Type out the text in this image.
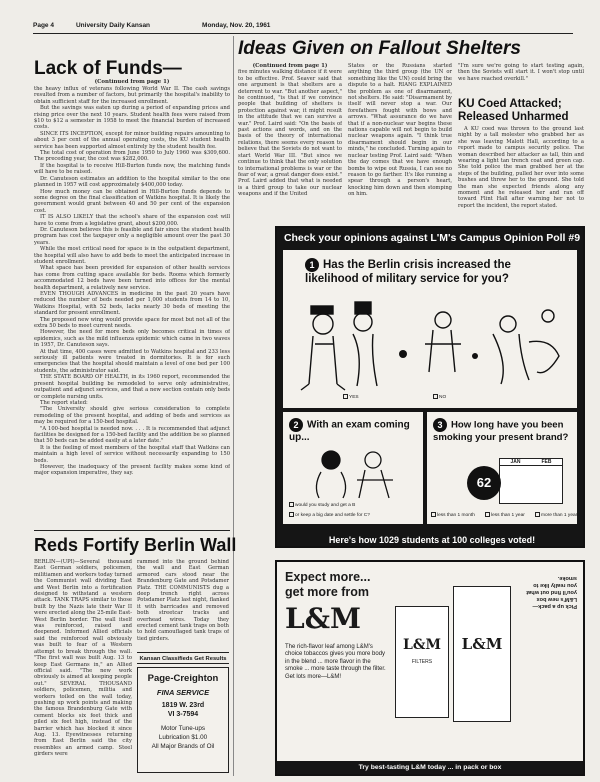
Page 4	University Daily Kansan	Monday, Nov. 20, 1961
Lack of Funds—
(Continued from page 1)

the heavy influx of veterans following World War II. The cash savings resulted from a number of factors, but primarily the hospital's inability to obtain sufficient staff for the increased enrollment.

But the savings was eaten up during a period of expanding prices and rising price over the next 10 years. Student health fees were raised from $10 to $12 a semester in 1958 to meet the financial burden of increased costs.

SINCE ITS INCEPTION, except for minor building repairs amounting to about 3 per cent of the annual operating costs, the KU student health service has been supported almost entirely by the student health fee.

The total cost of operation from June 1950 to July 1960 was $309,600. The preceding year, the cost was $282,000.

If the hospital is to receive Hill-Burton funds now, the matching funds will have to be raised.

Dr. Canuteson estimates an addition to the hospital similar to the one planned in 1957 will cost approximately $400,000 today.

How much money can be obtained in Hill-Burton funds depends to some degree on the final classification of Watkins hospital. It is likely the government would grant between 40 and 50 per cent of the expansion cost.

IT IS ALSO LIKELY that the school's share of the expansion cost will have to come from a legislative grant, about $200,000.

Dr. Canuteson believes this is feasible and fair since the student health program has cost the taxpayer only a negligible amount over the past 30 years.

While the most critical need for space is in the outpatient department, the hospital will also have to add beds to meet the anticipated increase in student enrollment.

What space has been provided for expansion of other health services has come from cutting space available for beds. Rooms which formerly accommodated 12 beds have been turned into offices for the mental health department, a relatively new service.

EVEN THOUGH ADVANCES in medicine in the past 20 years have reduced the number of beds needed per 1,000 students from 14 to 10, Watkins Hospital, with 52 beds, lacks nearly 30 beds of meeting the standard for present enrollment.

The proposed new wing would provide space for most but not all of the extra 50 beds to meet current needs.

However, the need for more beds only becomes critical in times of epidemics, such as the mild influenza epidemic which came in two waves in 1957, Dr. Canuteson says.

At that time, 400 cases were admitted to Watkins hospital and 233 less seriously ill patients were treated in dormitories. It is for such emergencies that the hospital should maintain a level of one bed per 100 students, the administrator said.

THE STATE BOARD OF HEALTH, in its 1960 report, recommended the present hospital building be remodeled to serve only administrative, outpatient and adjunct services, and that a new section contain only beds or complete nursing units.

The report stated:

"The University should give serious consideration to complete remodeling of the present hospital, and adding of beds and services as may be required for a 150-bed hospital.

"A 100-bed hospital is needed now. . . . It is recommended that adjunct facilities be designed for a 150-bed facility and the addition be so planned that 50 beds can be added easily at a later date."

It is the feeling of most members of the hospital staff that Watkins can maintain a high level of service without necessarily expanding to 150 beds.

However, the inadequacy of the present facility makes some kind of major expansion imperative, they say.

Ideas Given on Fallout Shelters
(Continued from page 1)

five minutes walking distance if it were to be effective. Prof. Seaver said that one argument is that shelters are a deterrent to war. "But another aspect," he continued, "is that if we convince people that building of shelters is protection against war, it might result in the attitude that we can survive a war." Prof. Laird said: "On the basis of past actions and words, and on the basis of the theory of international relations, there seems every reason to believe that the Soviets do not want to start World War III. "But since we continue to think that the only solution to international problems is war or the fear of war, a great danger does exist." Prof. Laird added that what is needed is a third group to take our nuclear weapons and if the United

States or the Russians started anything the third group (the UN or something like the UN) could bring the dispute to a halt. RIANG EXPLAINED the problem as one of disarmament, not shelters. He said: "Disarmament by itself will never stop a war. Our forefathers fought with bows and arrows. "What assurance do we have that if a non-nuclear war begins these nations capable will not begin to build nuclear weapons again. "I think true disarmament should begin in our minds," he concluded. Turning again to nuclear testing Prof. Laird said: "When the day comes that we have enough bombs to wipe out Russia, I can see no reason to go farther. It's like running a spear through a person's heart, knocking him down and then stomping on him.

"I'm sure we're going to start testing again, then the Soviets will start it. I won't stop until we have reached overkill."

KU Coed Attacked; Released Unharmed

A KU coed was thrown to the ground last night by a tall molester who grabbed her as she was leaving Malott Hall, according to a report made to campus security police. The woman described her attacker as tall, thin and wearing a light tan trench coat and green cap. She told police the man grabbed her at the steps of the building, pulled her over into some bushes and threw her to the ground. She told the man she expected friends along any moment and he released her and ran off toward Flint Hall after warning her not to report the incident, the report stated.

Reds Fortify Berlin Wall

BERLIN—(UPI)—Several thousand East German soldiers, policemen, militiamen and workers today turned the Communist wall dividing East and West Berlin into a fortification designed to withstand a western attack. TANK TRAPS similar to those built by the Nazis late their War II were erected along the 25-mile East-West Berlin border. The wall itself was reinforced, raised and deepened. Informed Allied officials said the reinforced wall obviously was built to fear of a Western attempt to break through the wall. "The first wall was built Aug. 13 to keep East Germans in," an Allied official said. "The new work obviously is aimed at keeping people out." SEVERAL THOUSAND soldiers, policemen, militia and workers toiled on the wall today, pushing up work points and making the famous Brandenburg Gate with cement blocks six feet thick and piled six feet high, instead of the barrier which has blocked it since Aug. 13. Eyewitnesses returning from East Berlin said the city resembles an armed camp. Steel girders were

rammed into the ground behind the wall and East German armored cars stood near the Brandenburg Gate and Potsdamer Platz. THE COMMUNISTS dug a deep trench right across Potsdamer Platz last night, flanked it with barricades and removed both streetcar tracks and overhead wires. Today they erected cement tank traps on both to hold camouflaged tank traps of tied girders.

Kansan Classifieds Get Results
Page-Creighton
FINA SERVICE
1819 W. 23rd
VI 3-7594
Motor Tune-ups
Lubrication $1.00
All Major Brands of Oil
Check your opinions against L'M's Campus Opinion Poll #9
1 Has the Berlin crisis increased the likelihood of military service for you?
YES	NO
2 With an exam coming up...
would you study and get a B
or keep a big date and settle for C?
3 How long have you been smoking your present brand?
JAN	FEB
62
less than 1 month	less than 1 year	more than 1 year
Here's how 1029 students at 100 colleges voted!
Expect more...
get more from
L&M
The rich-flavor leaf among L&M's choice tobaccos gives you more body in the blend ... more flavor in the smoke ... more taste through the filter. Get lots more—L&M!
L&M
FILTERS
L&M
Pick up a pack—L&M's new box
you'll find out what you really like to smoke.
Try best-tasting L&M today ... in pack or box
